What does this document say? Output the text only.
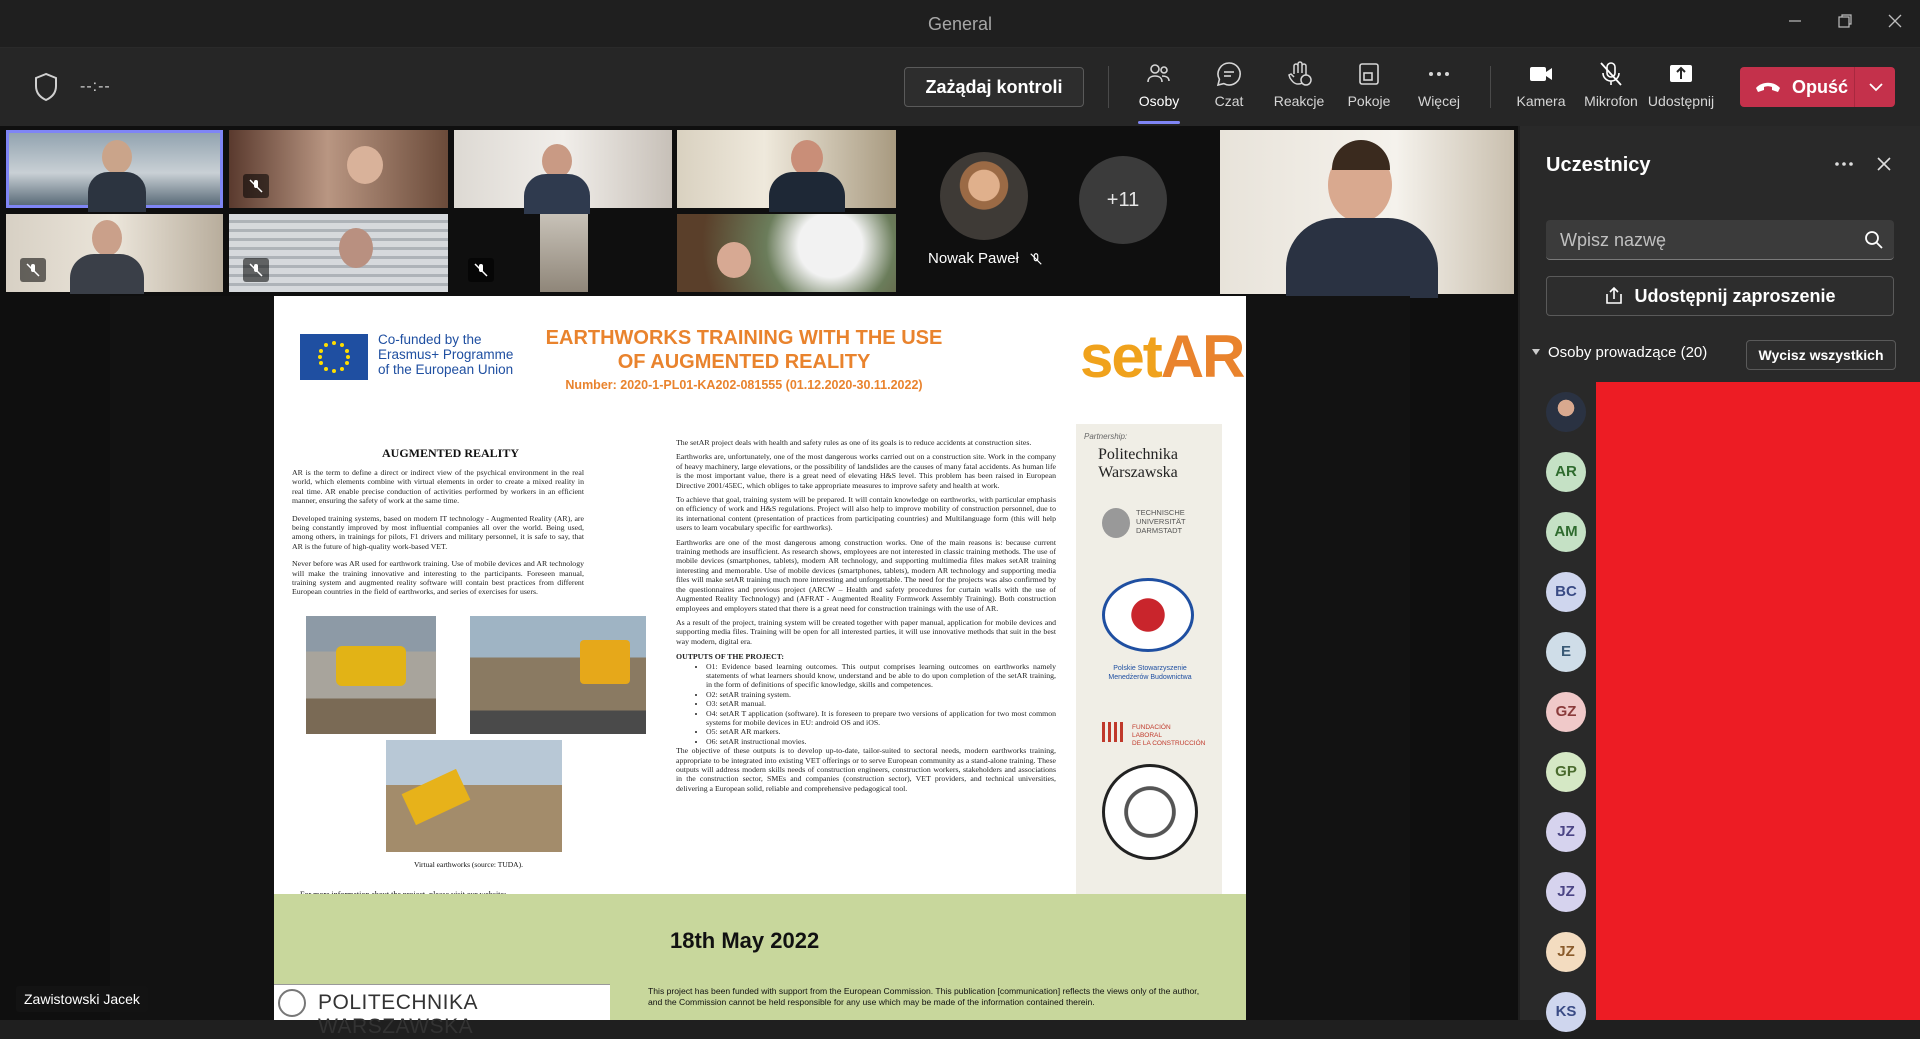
General
--:--	Zażądaj kontroli
Osoby	Czat	Reakcje	Pokoje	Więcej	Kamera	Mikrofon Udostępnij
Opuść
+11
Nowak Paweł
Co-funded by the
Erasmus+ Programme
of the European Union
EARTHWORKS TRAINING WITH THE USE
OF AUGMENTED REALITY
Number: 2020-1-PL01-KA202-081555 (01.12.2020-30.11.2022)	setAR
AUGMENTED REALITY

AR is the term to define a direct or indirect view of the psychical environment in the real world, which elements combine with virtual elements in order to create a mixed reality in real time. AR enable precise conduction of activities performed by workers in an efficient manner, ensuring the safety of work at the same time.

Developed training systems, based on modern IT technology - Augmented Reality (AR), are being constantly improved by most influential companies all over the world. Being used, among others, in trainings for pilots, F1 drivers and military personnel, it is safe to say, that AR is the future of high-quality work-based VET.

Never before was AR used for earthwork training. Use of mobile devices and AR technology will make the training innovative and interesting to the participants. Foreseen manual, training system and augmented reality software will contain best practices from different European countries in the field of earthworks, and series of exercises for users.

Virtual earthworks (source: TUDA).

The setAR project deals with health and safety rules as one of its goals is to reduce accidents at construction sites.

Earthworks are, unfortunately, one of the most dangerous works carried out on a construction site. Work in the company of heavy machinery, large elevations, or the possibility of landslides are the causes of many fatal accidents. As human life is the most important value, there is a great need of elevating H&S level. This problem has been raised in European Directive 2001/45EC, which obliges to take appropriate measures to improve safety and health at work.

To achieve that goal, training system will be prepared. It will contain knowledge on earthworks, with particular emphasis on efficiency of work and H&S regulations. Project will also help to improve mobility of construction personnel, due to its international content (presentation of practices from participating countries) and Multilanguage form (this will help users to learn vocabulary specific for earthworks).

Earthworks are one of the most dangerous among construction works. One of the main reasons is: because current training methods are insufficient. As research shows, employees are not interested in classic training methods. The use of mobile devices (smartphones, tablets), modern AR technology, and supporting multimedia files makes setAR training interesting and memorable. Use of mobile devices (smartphones, tablets), modern AR technology and supporting media files will make setAR training much more interesting and unforgettable. The need for the projects was also confirmed by the questionnaires and previous project (ARCW – Health and safety procedures for curtain walls with the use of Augmented Reality Technology) and (AFRAT - Augmented Reality Formwork Assembly Training). Both construction employees and employers stated that there is a great need for construction trainings with the use of AR.

As a result of the project, training system will be created together with paper manual, application for mobile devices and supporting media files. Training will be open for all interested parties, it will use innovative methods that suit in the best way modern, digital era.

OUTPUTS OF THE PROJECT:

• O1: Evidence based learning outcomes. This output comprises learning outcomes on earthworks namely statements of what learners should know, understand and be able to do upon completion of the setAR training, in the form of definitions of specific knowledge, skills and competences.
• O2: setAR training system.
• O3: setAR manual.
• O4: setAR T application (software). It is foreseen to prepare two versions of application for two most common systems for mobile devices in EU: android OS and iOS.
• O5: setAR AR markers.
• O6: setAR instructional movies.

The objective of these outputs is to develop up-to-date, tailor-suited to sectoral needs, modern earthworks training, appropriate to be integrated into existing VET offerings or to serve European community as a stand-alone training. These outputs will address modern skills needs of construction engineers, construction workers, stakeholders and associations in the construction sector, SMEs and companies (construction sector), VET providers, and technical universities, delivering a European solid, reliable and comprehensive pedagogical tool.

Partnership:
Politechnika
Warszawska
TECHNISCHE
UNIVERSITÄT
DARMSTADT
Polskie Stowarzyszenie
Menedżerów Budownictwa
FUNDACIÓN
LABORAL
DE LA CONSTRUCCIÓN
18th May 2022
POLITECHNIKA WARSZAWSKA
This project has been funded with support from the European Commission. This publication [communication] reflects the views only of the author,
and the Commission cannot be held responsible for any use which may be made of the information contained therein.
Zawistowski Jacek
Uczestnicy
Wpisz nazwę
Udostępnij zaproszenie
Osoby prowadzące (20)	Wycisz wszystkich
AR
AM
BC
E
GZ
GP
JZ
JZ
JZ
KS
